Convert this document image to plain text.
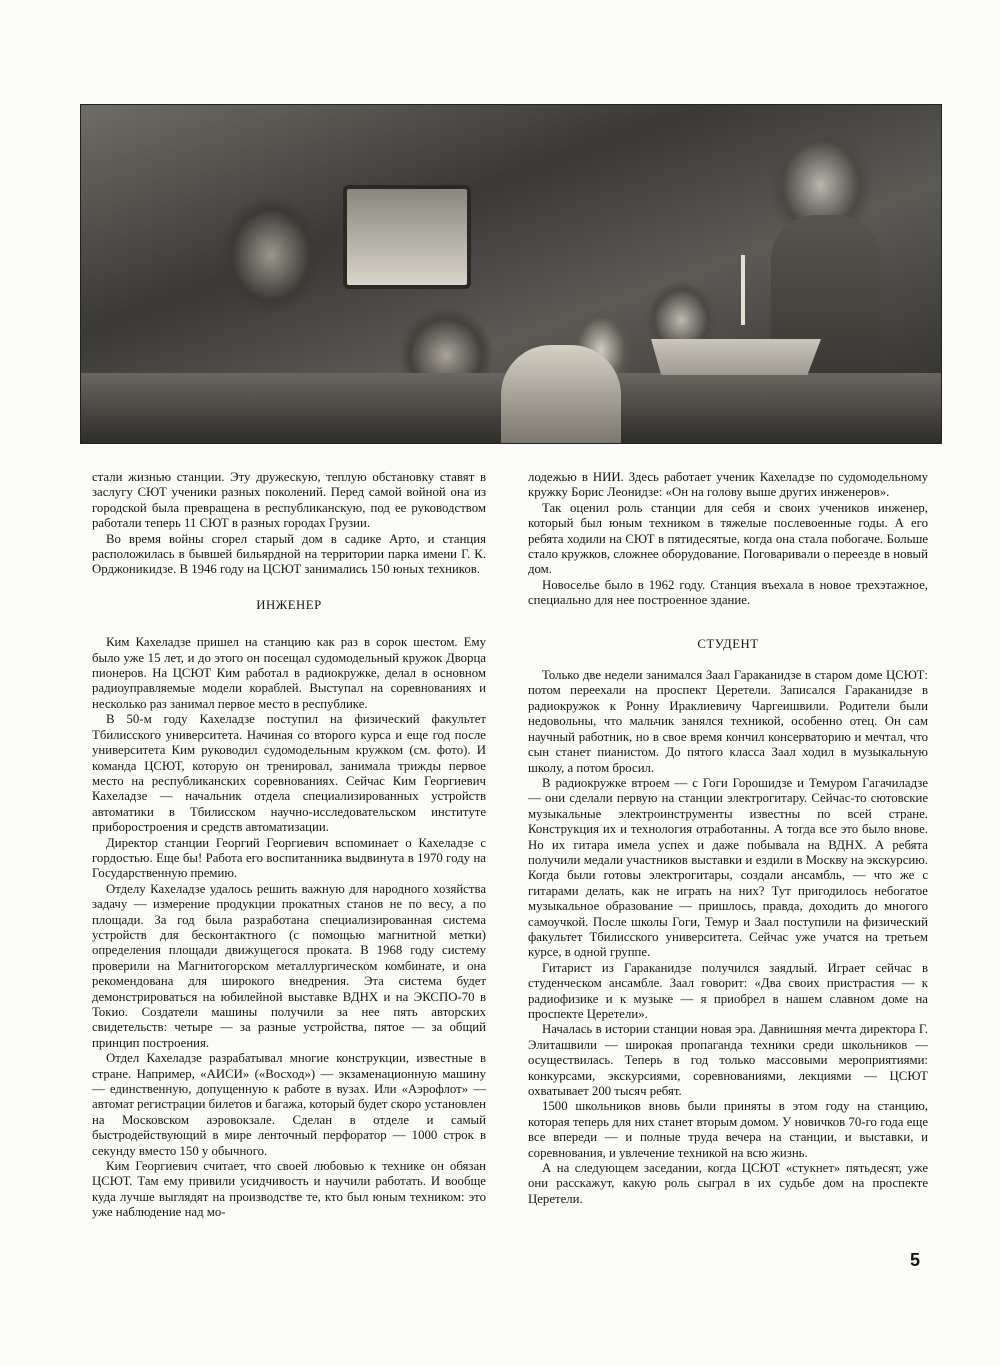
стали жизнью станции. Эту дружескую, теплую обстановку ставят в заслугу СЮТ ученики разных поколений. Перед самой войной она из городской была превращена в республиканскую, под ее руководством работали теперь 11 СЮТ в разных городах Грузии.

Во время войны сгорел старый дом в садике Арто, и станция расположилась в бывшей бильярдной на территории парка имени Г. К. Орджоникидзе. В 1946 году на ЦСЮТ занимались 150 юных техников.

ИНЖЕНЕР

Ким Кахеладзе пришел на станцию как раз в сорок шестом. Ему было уже 15 лет, и до этого он посещал судомодельный кружок Дворца пионеров. На ЦСЮТ Ким работал в радиокружке, делал в основном радиоуправляемые модели кораблей. Выступал на соревнованиях и несколько раз занимал первое место в республике.

В 50-м году Кахеладзе поступил на физический факультет Тбилисского университета. Начиная со второго курса и еще год после университета Ким руководил судомодельным кружком (см. фото). И команда ЦСЮТ, которую он тренировал, занимала трижды первое место на республиканских соревнованиях. Сейчас Ким Георгиевич Кахеладзе — начальник отдела специализированных устройств автоматики в Тбилисском научно-исследовательском институте приборостроения и средств автоматизации.

Директор станции Георгий Георгиевич вспоминает о Кахеладзе с гордостью. Еще бы! Работа его воспитанника выдвинута в 1970 году на Государственную премию.

Отделу Кахеладзе удалось решить важную для народного хозяйства задачу — измерение продукции прокатных станов не по весу, а по площади. За год была разработана специализированная система устройств для бесконтактного (с помощью магнитной метки) определения площади движущегося проката. В 1968 году систему проверили на Магнитогорском металлургическом комбинате, и она рекомендована для широкого внедрения. Эта система будет демонстрироваться на юбилейной выставке ВДНХ и на ЭКСПО-70 в Токио. Создатели машины получили за нее пять авторских свидетельств: четыре — за разные устройства, пятое — за общий принцип построения.

Отдел Кахеладзе разрабатывал многие конструкции, известные в стране. Например, «АИСИ» («Восход») — экзаменационную машину — единственную, допущенную к работе в вузах. Или «Аэрофлот» — автомат регистрации билетов и багажа, который будет скоро установлен на Московском аэровокзале. Сделан в отделе и самый быстродействующий в мире ленточный перфоратор — 1000 строк в секунду вместо 150 у обычного.

Ким Георгиевич считает, что своей любовью к технике он обязан ЦСЮТ. Там ему привили усидчивость и научили работать. И вообще куда лучше выглядят на производстве те, кто был юным техником: это уже наблюдение над мо-

лодежью в НИИ. Здесь работает ученик Кахеладзе по судомодельному кружку Борис Леонидзе: «Он на голову выше других инженеров».

Так оценил роль станции для себя и своих учеников инженер, который был юным техником в тяжелые послевоенные годы. А его ребята ходили на СЮТ в пятидесятые, когда она стала побогаче. Больше стало кружков, сложнее оборудование. Поговаривали о переезде в новый дом.

Новоселье было в 1962 году. Станция въехала в новое трехэтажное, специально для нее построенное здание.

СТУДЕНТ

Только две недели занимался Заал Гараканидзе в старом доме ЦСЮТ: потом переехали на проспект Церетели. Записался Гараканидзе в радиокружок к Ронну Ираклиевичу Чаргеишвили. Родители были недовольны, что мальчик занялся техникой, особенно отец. Он сам научный работник, но в свое время кончил консерваторию и мечтал, что сын станет пианистом. До пятого класса Заал ходил в музыкальную школу, а потом бросил.

В радиокружке втроем — с Гоги Горошидзе и Темуром Гагачиладзе — они сделали первую на станции электрогитару. Сейчас-то сютовские музыкальные электроинструменты известны по всей стране. Конструкция их и технология отработанны. А тогда все это было внове. Но их гитара имела успех и даже побывала на ВДНХ. А ребята получили медали участников выставки и ездили в Москву на экскурсию. Когда были готовы электрогитары, создали ансамбль, — что же с гитарами делать, как не играть на них? Тут пригодилось небогатое музыкальное образование — пришлось, правда, доходить до многого самоучкой. После школы Гоги, Темур и Заал поступили на физический факультет Тбилисского университета. Сейчас уже учатся на третьем курсе, в одной группе.

Гитарист из Гараканидзе получился заядлый. Играет сейчас в студенческом ансамбле. Заал говорит: «Два своих пристрастия — к радиофизике и к музыке — я приобрел в нашем славном доме на проспекте Церетели».

Началась в истории станции новая эра. Давнишняя мечта директора Г. Элиташвили — широкая пропаганда техники среди школьников — осуществилась. Теперь в год только массовыми мероприятиями: конкурсами, экскурсиями, соревнованиями, лекциями — ЦСЮТ охватывает 200 тысяч ребят.

1500 школьников вновь были приняты в этом году на станцию, которая теперь для них станет вторым домом. У новичков 70-го года еще все впереди — и полные труда вечера на станции, и выставки, и соревнования, и увлечение техникой на всю жизнь.

А на следующем заседании, когда ЦСЮТ «стукнет» пятьдесят, уже они расскажут, какую роль сыграл в их судьбе дом на проспекте Церетели.

5
